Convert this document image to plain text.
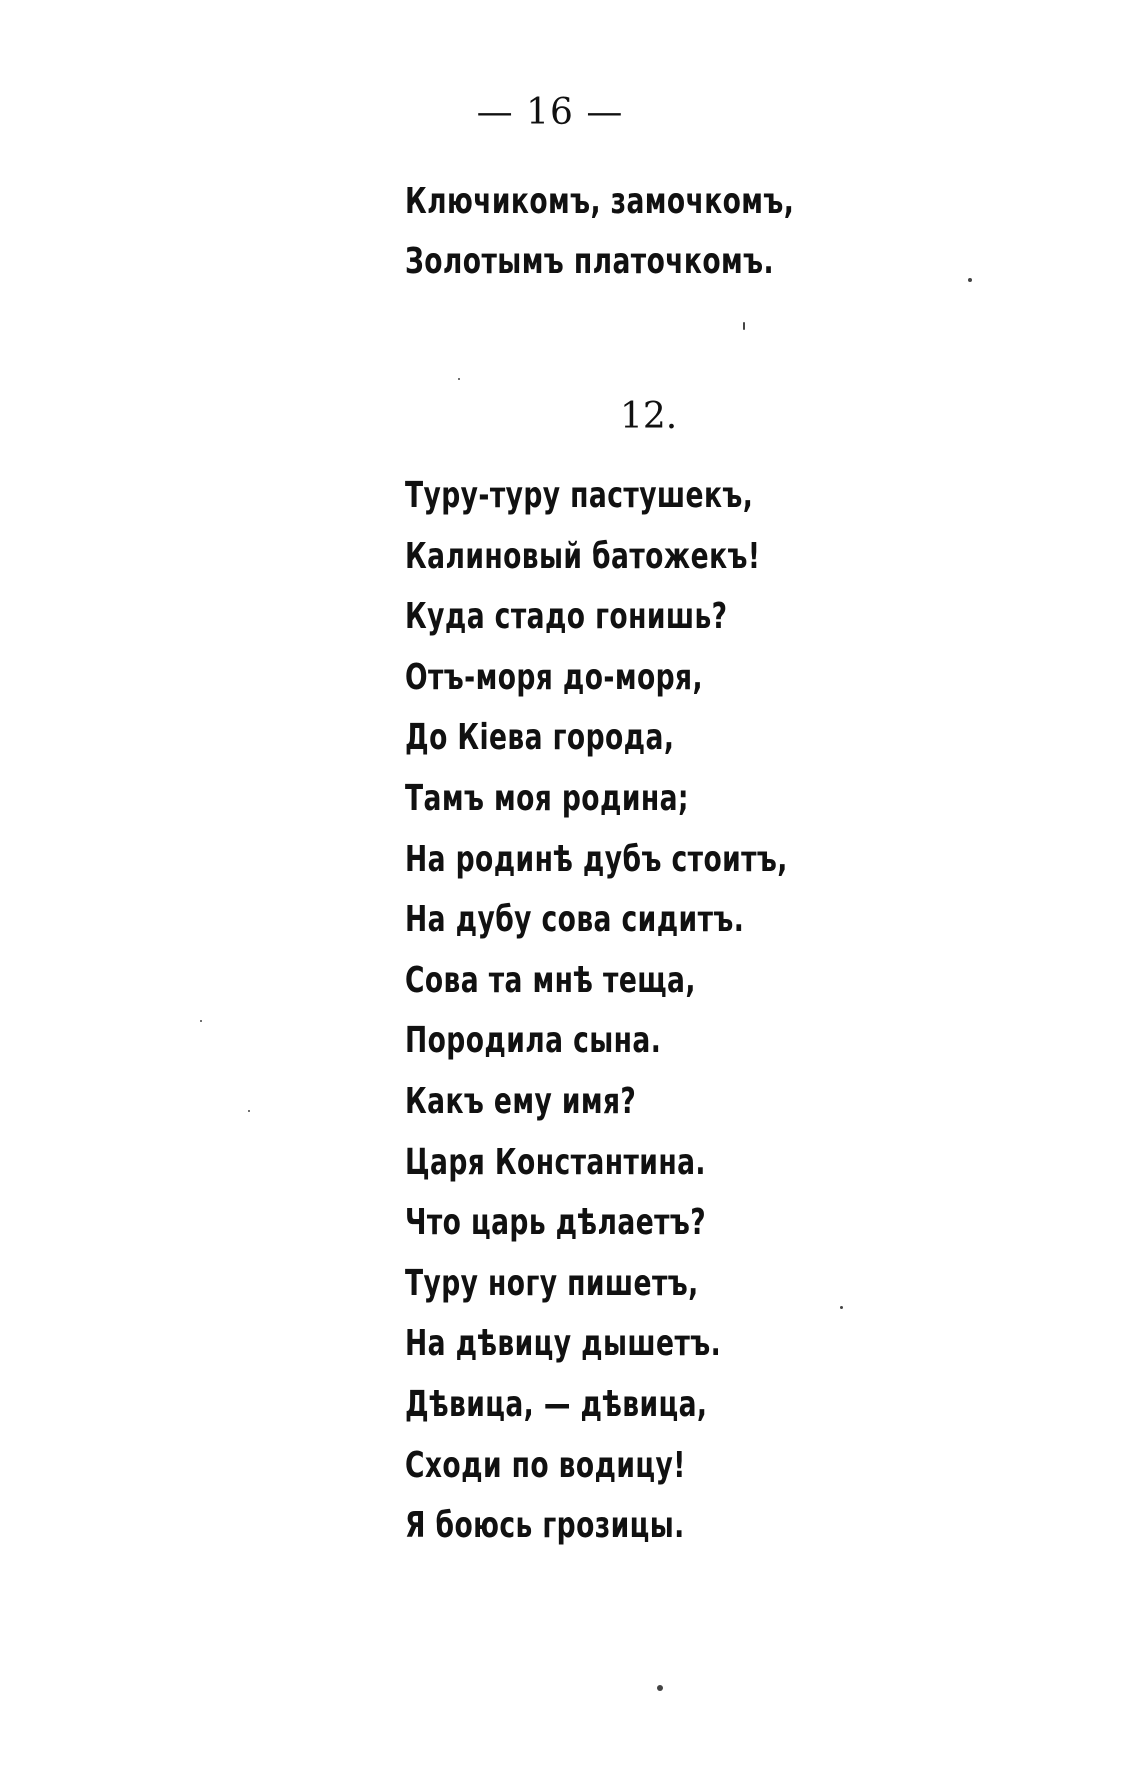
— 16 —
Ключикомъ, замочкомъ,
Золотымъ платочкомъ.
12.
Туру-туру пастушекъ,
Калиновый батожекъ!
Куда стадо гонишь?
Отъ-моря до-моря,
До Кіева города,
Тамъ моя родина;
На родинѣ дубъ стоитъ,
На дубу сова сидитъ.
Сова та мнѣ теща,
Породила сына.
Какъ ему имя?
Царя Константина.
Что царь дѣлаетъ?
Туру ногу пишетъ,
На дѣвицу дышетъ.
Дѣвица, — дѣвица,
Сходи по водицу!
Я боюсь грозицы.
